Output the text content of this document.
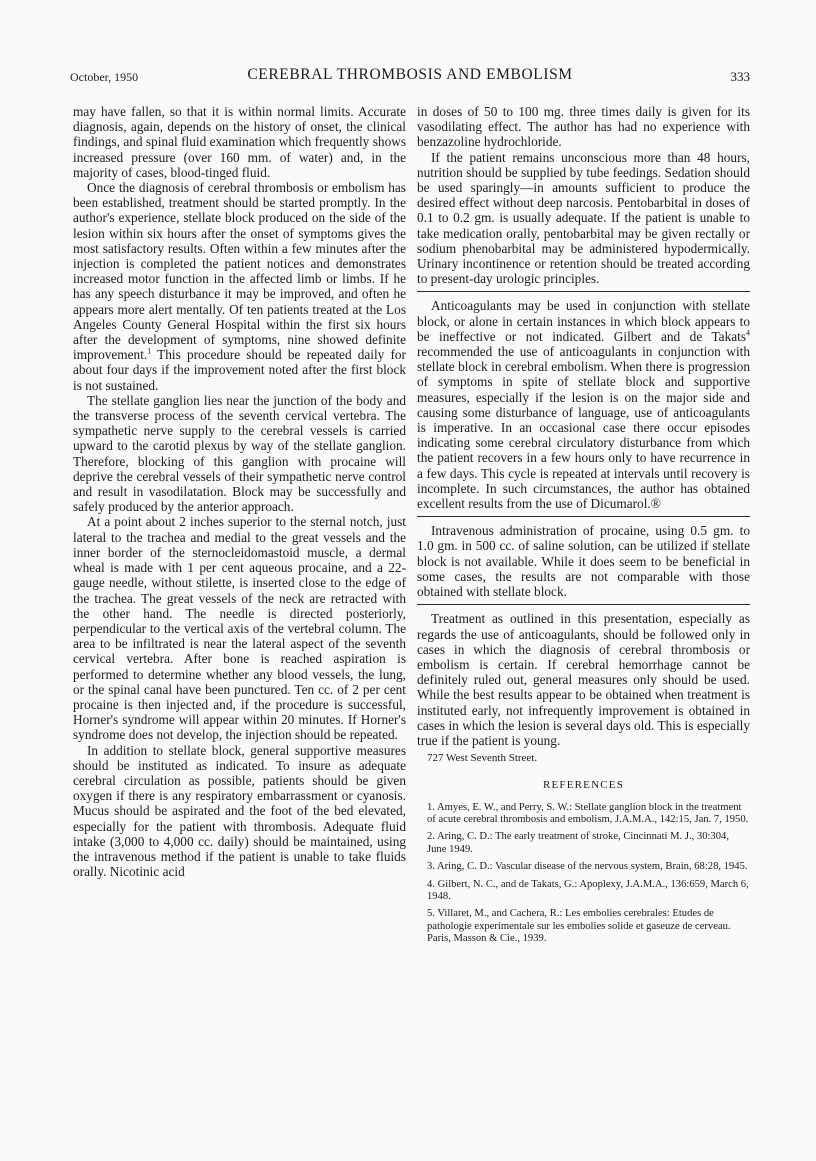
October, 1950	CEREBRAL THROMBOSIS AND EMBOLISM	333

may have fallen, so that it is within normal limits. Accurate diagnosis, again, depends on the history of onset, the clinical findings, and spinal fluid examination which frequently shows increased pressure (over 160 mm. of water) and, in the majority of cases, blood-tinged fluid.

Once the diagnosis of cerebral thrombosis or embolism has been established, treatment should be started promptly. In the author's experience, stellate block produced on the side of the lesion within six hours after the onset of symptoms gives the most satisfactory results. Often within a few minutes after the injection is completed the patient notices and demonstrates increased motor function in the affected limb or limbs. If he has any speech disturbance it may be improved, and often he appears more alert mentally. Of ten patients treated at the Los Angeles County General Hospital within the first six hours after the development of symptoms, nine showed definite improvement.$^1$ This procedure should be repeated daily for about four days if the improvement noted after the first block is not sustained.

The stellate ganglion lies near the junction of the body and the transverse process of the seventh cervical vertebra. The sympathetic nerve supply to the cerebral vessels is carried upward to the carotid plexus by way of the stellate ganglion. Therefore, blocking of this ganglion with procaine will deprive the cerebral vessels of their sympathetic nerve control and result in vasodilatation. Block may be successfully and safely produced by the anterior approach.

At a point about 2 inches superior to the sternal notch, just lateral to the trachea and medial to the great vessels and the inner border of the sternocleidomastoid muscle, a dermal wheal is made with 1 per cent aqueous procaine, and a 22-gauge needle, without stilette, is inserted close to the edge of the trachea. The great vessels of the neck are retracted with the other hand. The needle is directed posteriorly, perpendicular to the vertical axis of the vertebral column. The area to be infiltrated is near the lateral aspect of the seventh cervical vertebra. After bone is reached aspiration is performed to determine whether any blood vessels, the lung, or the spinal canal have been punctured. Ten cc. of 2 per cent procaine is then injected and, if the procedure is successful, Horner's syndrome will appear within 20 minutes. If Horner's syndrome does not develop, the injection should be repeated.

In addition to stellate block, general supportive measures should be instituted as indicated. To insure as adequate cerebral circulation as possible, patients should be given oxygen if there is any respiratory embarrassment or cyanosis. Mucus should be aspirated and the foot of the bed elevated, especially for the patient with thrombosis. Adequate fluid intake (3,000 to 4,000 cc. daily) should be maintained, using the intravenous method if the patient is unable to take fluids orally. Nicotinic acid

in doses of 50 to 100 mg. three times daily is given for its vasodilating effect. The author has had no experience with benzazoline hydrochloride.

If the patient remains unconscious more than 48 hours, nutrition should be supplied by tube feedings. Sedation should be used sparingly—in amounts sufficient to produce the desired effect without deep narcosis. Pentobarbital in doses of 0.1 to 0.2 gm. is usually adequate. If the patient is unable to take medication orally, pentobarbital may be given rectally or sodium phenobarbital may be administered hypodermically. Urinary incontinence or retention should be treated according to present-day urologic principles.

Anticoagulants may be used in conjunction with stellate block, or alone in certain instances in which block appears to be ineffective or not indicated. Gilbert and de Takats$^4$ recommended the use of anticoagulants in conjunction with stellate block in cerebral embolism. When there is progression of symptoms in spite of stellate block and supportive measures, especially if the lesion is on the major side and causing some disturbance of language, use of anticoagulants is imperative. In an occasional case there occur episodes indicating some cerebral circulatory disturbance from which the patient recovers in a few hours only to have recurrence in a few days. This cycle is repeated at intervals until recovery is incomplete. In such circumstances, the author has obtained excellent results from the use of Dicumarol.®

Intravenous administration of procaine, using 0.5 gm. to 1.0 gm. in 500 cc. of saline solution, can be utilized if stellate block is not available. While it does seem to be beneficial in some cases, the results are not comparable with those obtained with stellate block.

Treatment as outlined in this presentation, especially as regards the use of anticoagulants, should be followed only in cases in which the diagnosis of cerebral thrombosis or embolism is certain. If cerebral hemorrhage cannot be definitely ruled out, general measures only should be used. While the best results appear to be obtained when treatment is instituted early, not infrequently improvement is obtained in cases in which the lesion is several days old. This is especially true if the patient is young.

727 West Seventh Street.
REFERENCES
1. Amyes, E. W., and Perry, S. W.: Stellate ganglion block in the treatment of acute cerebral thrombosis and embolism, J.A.M.A., 142:15, Jan. 7, 1950.
2. Aring, C. D.: The early treatment of stroke, Cincinnati M. J., 30:304, June 1949.
3. Aring, C. D.: Vascular disease of the nervous system, Brain, 68:28, 1945.
4. Gilbert, N. C., and de Takats, G.: Apoplexy, J.A.M.A., 136:659, March 6, 1948.
5. Villaret, M., and Cachera, R.: Les embolies cerebrales: Etudes de pathologie experimentale sur les embolies solide et gaseuze de cerveau. Paris, Masson & Cie., 1939.
